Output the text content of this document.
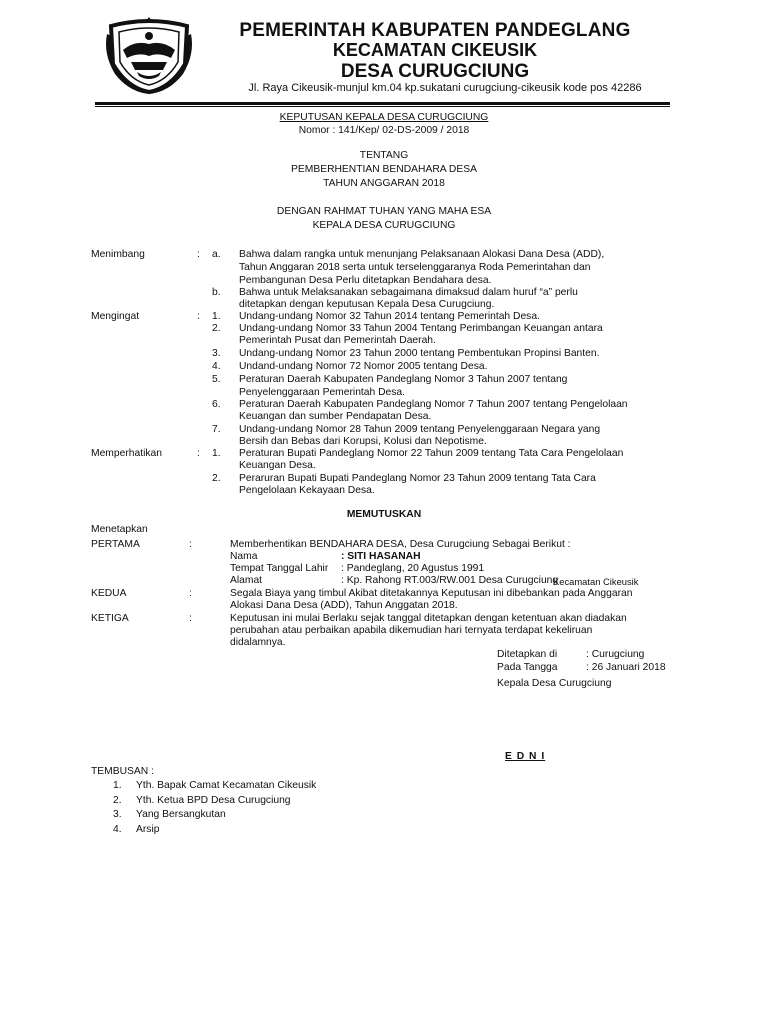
PEMERINTAH KABUPATEN PANDEGLANG
KECAMATAN CIKEUSIK
DESA CURUGCIUNG
Jl. Raya Cikeusik-munjul km.04 kp.sukatani curugciung-cikeusik kode pos 42286
KEPUTUSAN KEPALA DESA CURUGCIUNG
Nomor : 141/Kep/ 02-DS-2009 / 2018
TENTANG
PEMBERHENTIAN BENDAHARA DESA
TAHUN ANGGARAN 2018
DENGAN RAHMAT TUHAN YANG MAHA ESA
KEPALA DESA CURUGCIUNG
Menimbang	: a.	Bahwa dalam rangka untuk menunjang Pelaksanaan Alokasi Dana Desa (ADD),
Tahun Anggaran 2018 serta untuk terselenggaranya Roda Pemerintahan dan
Pembangunan Desa Perlu ditetapkan Bendahara desa.
b.	Bahwa untuk Melaksanakan sebagaimana dimaksud dalam huruf “a” perlu
ditetapkan dengan keputusan Kepala Desa Curugciung.
Mengingat	: 1.	Undang-undang Nomor 32 Tahun 2014 tentang Pemerintah Desa.
2.	Undang-undang Nomor 33 Tahun 2004 Tentang Perimbangan Keuangan antara
Pemerintah Pusat dan Pemerintah Daerah.
3.	Undang-undang Nomor 23 Tahun 2000 tentang Pembentukan Propinsi Banten.
4.	Undand-undang Nomor 72 Nomor 2005 tentang Desa.
5.	Peraturan Daerah Kabupaten Pandeglang Nomor 3 Tahun 2007 tentang
Penyelenggaraan Pemerintah Desa.
6.	Peraturan Daerah Kabupaten Pandeglang Nomor 7 Tahun 2007 tentang Pengelolaan
Keuangan dan sumber Pendapatan Desa.
7.	Undang-undang Nomor 28 Tahun 2009 tentang Penyelenggaraan Negara yang
Bersih dan Bebas dari Korupsi, Kolusi dan Nepotisme.
Memperhatikan	: 1.	Peraturan Bupati Pandeglang Nomor 22 Tahun 2009 tentang Tata Cara Pengelolaan
Keuangan Desa.
2.	Peraruran Bupati Bupati Pandeglang Nomor 23 Tahun 2009 tentang Tata Cara
Pengelolaan Kekayaan Desa.
MEMUTUSKAN
Menetapkan
PERTAMA	:	Memberhentikan BENDAHARA DESA, Desa Curugciung Sebagai Berikut :
Nama	: SITI HASANAH
Tempat Tanggal Lahir : Pandeglang, 20 Agustus 1991
Alamat	: Kp. Rahong RT.003/RW.001 Desa Curugciung
Kecamatan Cikeusik
KEDUA	:	Segala Biaya yang timbul Akibat ditetakannya Keputusan ini dibebankan pada Anggaran
Alokasi Dana Desa (ADD), Tahun Anggatan 2018.
KETIGA	:	Keputusan ini mulai Berlaku sejak tanggal ditetapkan dengan ketentuan akan diadakan
perubahan atau perbaikan apabila dikemudian hari ternyata terdapat kekeliruan
didalamnya.
Ditetapkan di	: Curugciung
Pada Tangga	: 26 Januari 2018
Kepala Desa Curugciung
E D N I
TEMBUSAN :
1. Yth. Bapak Camat Kecamatan Cikeusik
2. Yth. Ketua BPD Desa Curugciung
3. Yang Bersangkutan
4. Arsip
